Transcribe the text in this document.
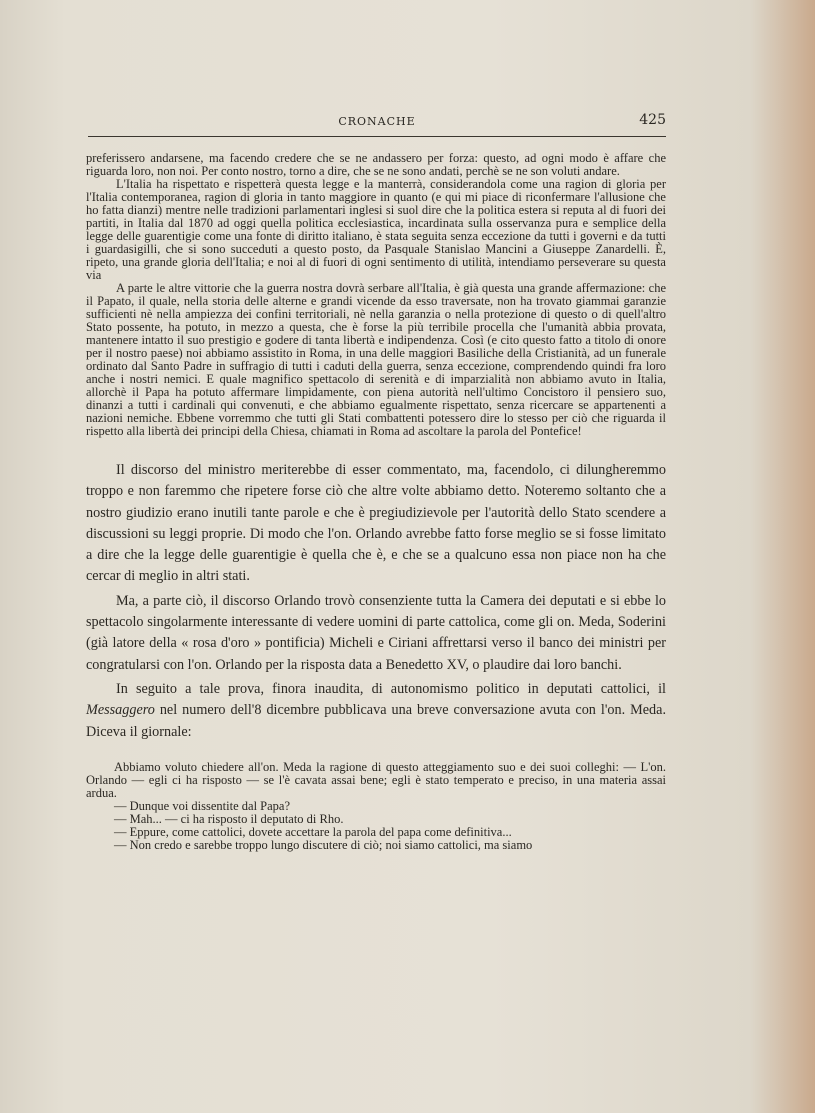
CRONACHE	425

preferissero andarsene, ma facendo credere che se ne andassero per forza: questo, ad ogni modo è affare che riguarda loro, non noi. Per conto nostro, torno a dire, che se ne sono andati, perchè se ne son voluti andare.

L'Italia ha rispettato e rispetterà questa legge e la manterrà, considerandola come una ragion di gloria per l'Italia contemporanea, ragion di gloria in tanto maggiore in quanto (e qui mi piace di riconfermare l'allusione che ho fatta dianzi) mentre nelle tradizioni parlamentari inglesi si suol dire che la politica estera si reputa al di fuori dei partiti, in Italia dal 1870 ad oggi quella politica ecclesiastica, incardinata sulla osservanza pura e semplice della legge delle guarentigie come una fonte di diritto italiano, è stata seguita senza eccezione da tutti i governi e da tutti i guardasigilli, che si sono succeduti a questo posto, da Pasquale Stanislao Mancini a Giuseppe Zanardelli. È, ripeto, una grande gloria dell'Italia; e noi al di fuori di ogni sentimento di utilità, intendiamo perseverare su questa via

A parte le altre vittorie che la guerra nostra dovrà serbare all'Italia, è già questa una grande affermazione: che il Papato, il quale, nella storia delle alterne e grandi vicende da esso traversate, non ha trovato giammai garanzie sufficienti nè nella ampiezza dei confini territoriali, nè nella garanzia o nella protezione di questo o di quell'altro Stato possente, ha potuto, in mezzo a questa, che è forse la più terribile procella che l'umanità abbia provata, mantenere intatto il suo prestigio e godere di tanta libertà e indipendenza. Così (e cito questo fatto a titolo di onore per il nostro paese) noi abbiamo assistito in Roma, in una delle maggiori Basiliche della Cristianità, ad un funerale ordinato dal Santo Padre in suffragio di tutti i caduti della guerra, senza eccezione, comprendendo quindi fra loro anche i nostri nemici. E quale magnifico spettacolo di serenità e di imparzialità non abbiamo avuto in Italia, allorchè il Papa ha potuto affermare limpidamente, con piena autorità nell'ultimo Concistoro il pensiero suo, dinanzi a tutti i cardinali qui convenuti, e che abbiamo egualmente rispettato, senza ricercare se appartenenti a nazioni nemiche. Ebbene vorremmo che tutti gli Stati combattenti potessero dire lo stesso per ciò che riguarda il rispetto alla libertà dei principi della Chiesa, chiamati in Roma ad ascoltare la parola del Pontefice!

Il discorso del ministro meriterebbe di esser commentato, ma, facendolo, ci dilungheremmo troppo e non faremmo che ripetere forse ciò che altre volte abbiamo detto. Noteremo soltanto che a nostro giudizio erano inutili tante parole e che è pregiudizievole per l'autorità dello Stato scendere a discussioni su leggi proprie. Di modo che l'on. Orlando avrebbe fatto forse meglio se si fosse limitato a dire che la legge delle guarentigie è quella che è, e che se a qualcuno essa non piace non ha che cercar di meglio in altri stati.

Ma, a parte ciò, il discorso Orlando trovò consenziente tutta la Camera dei deputati e si ebbe lo spettacolo singolarmente interessante di vedere uomini di parte cattolica, come gli on. Meda, Soderini (già latore della « rosa d'oro » pontificia) Micheli e Ciriani affrettarsi verso il banco dei ministri per congratularsi con l'on. Orlando per la risposta data a Benedetto XV, o plaudire dai loro banchi.

In seguito a tale prova, finora inaudita, di autonomismo politico in deputati cattolici, il Messaggero nel numero dell'8 dicembre pubblicava una breve conversazione avuta con l'on. Meda. Diceva il giornale:

Abbiamo voluto chiedere all'on. Meda la ragione di questo atteggiamento suo e dei suoi colleghi: — L'on. Orlando — egli ci ha risposto — se l'è cavata assai bene; egli è stato temperato e preciso, in una materia assai ardua.

— Dunque voi dissentite dal Papa?

— Mah... — ci ha risposto il deputato di Rho.

— Eppure, come cattolici, dovete accettare la parola del papa come definitiva...

— Non credo e sarebbe troppo lungo discutere di ciò; noi siamo cattolici, ma siamo
